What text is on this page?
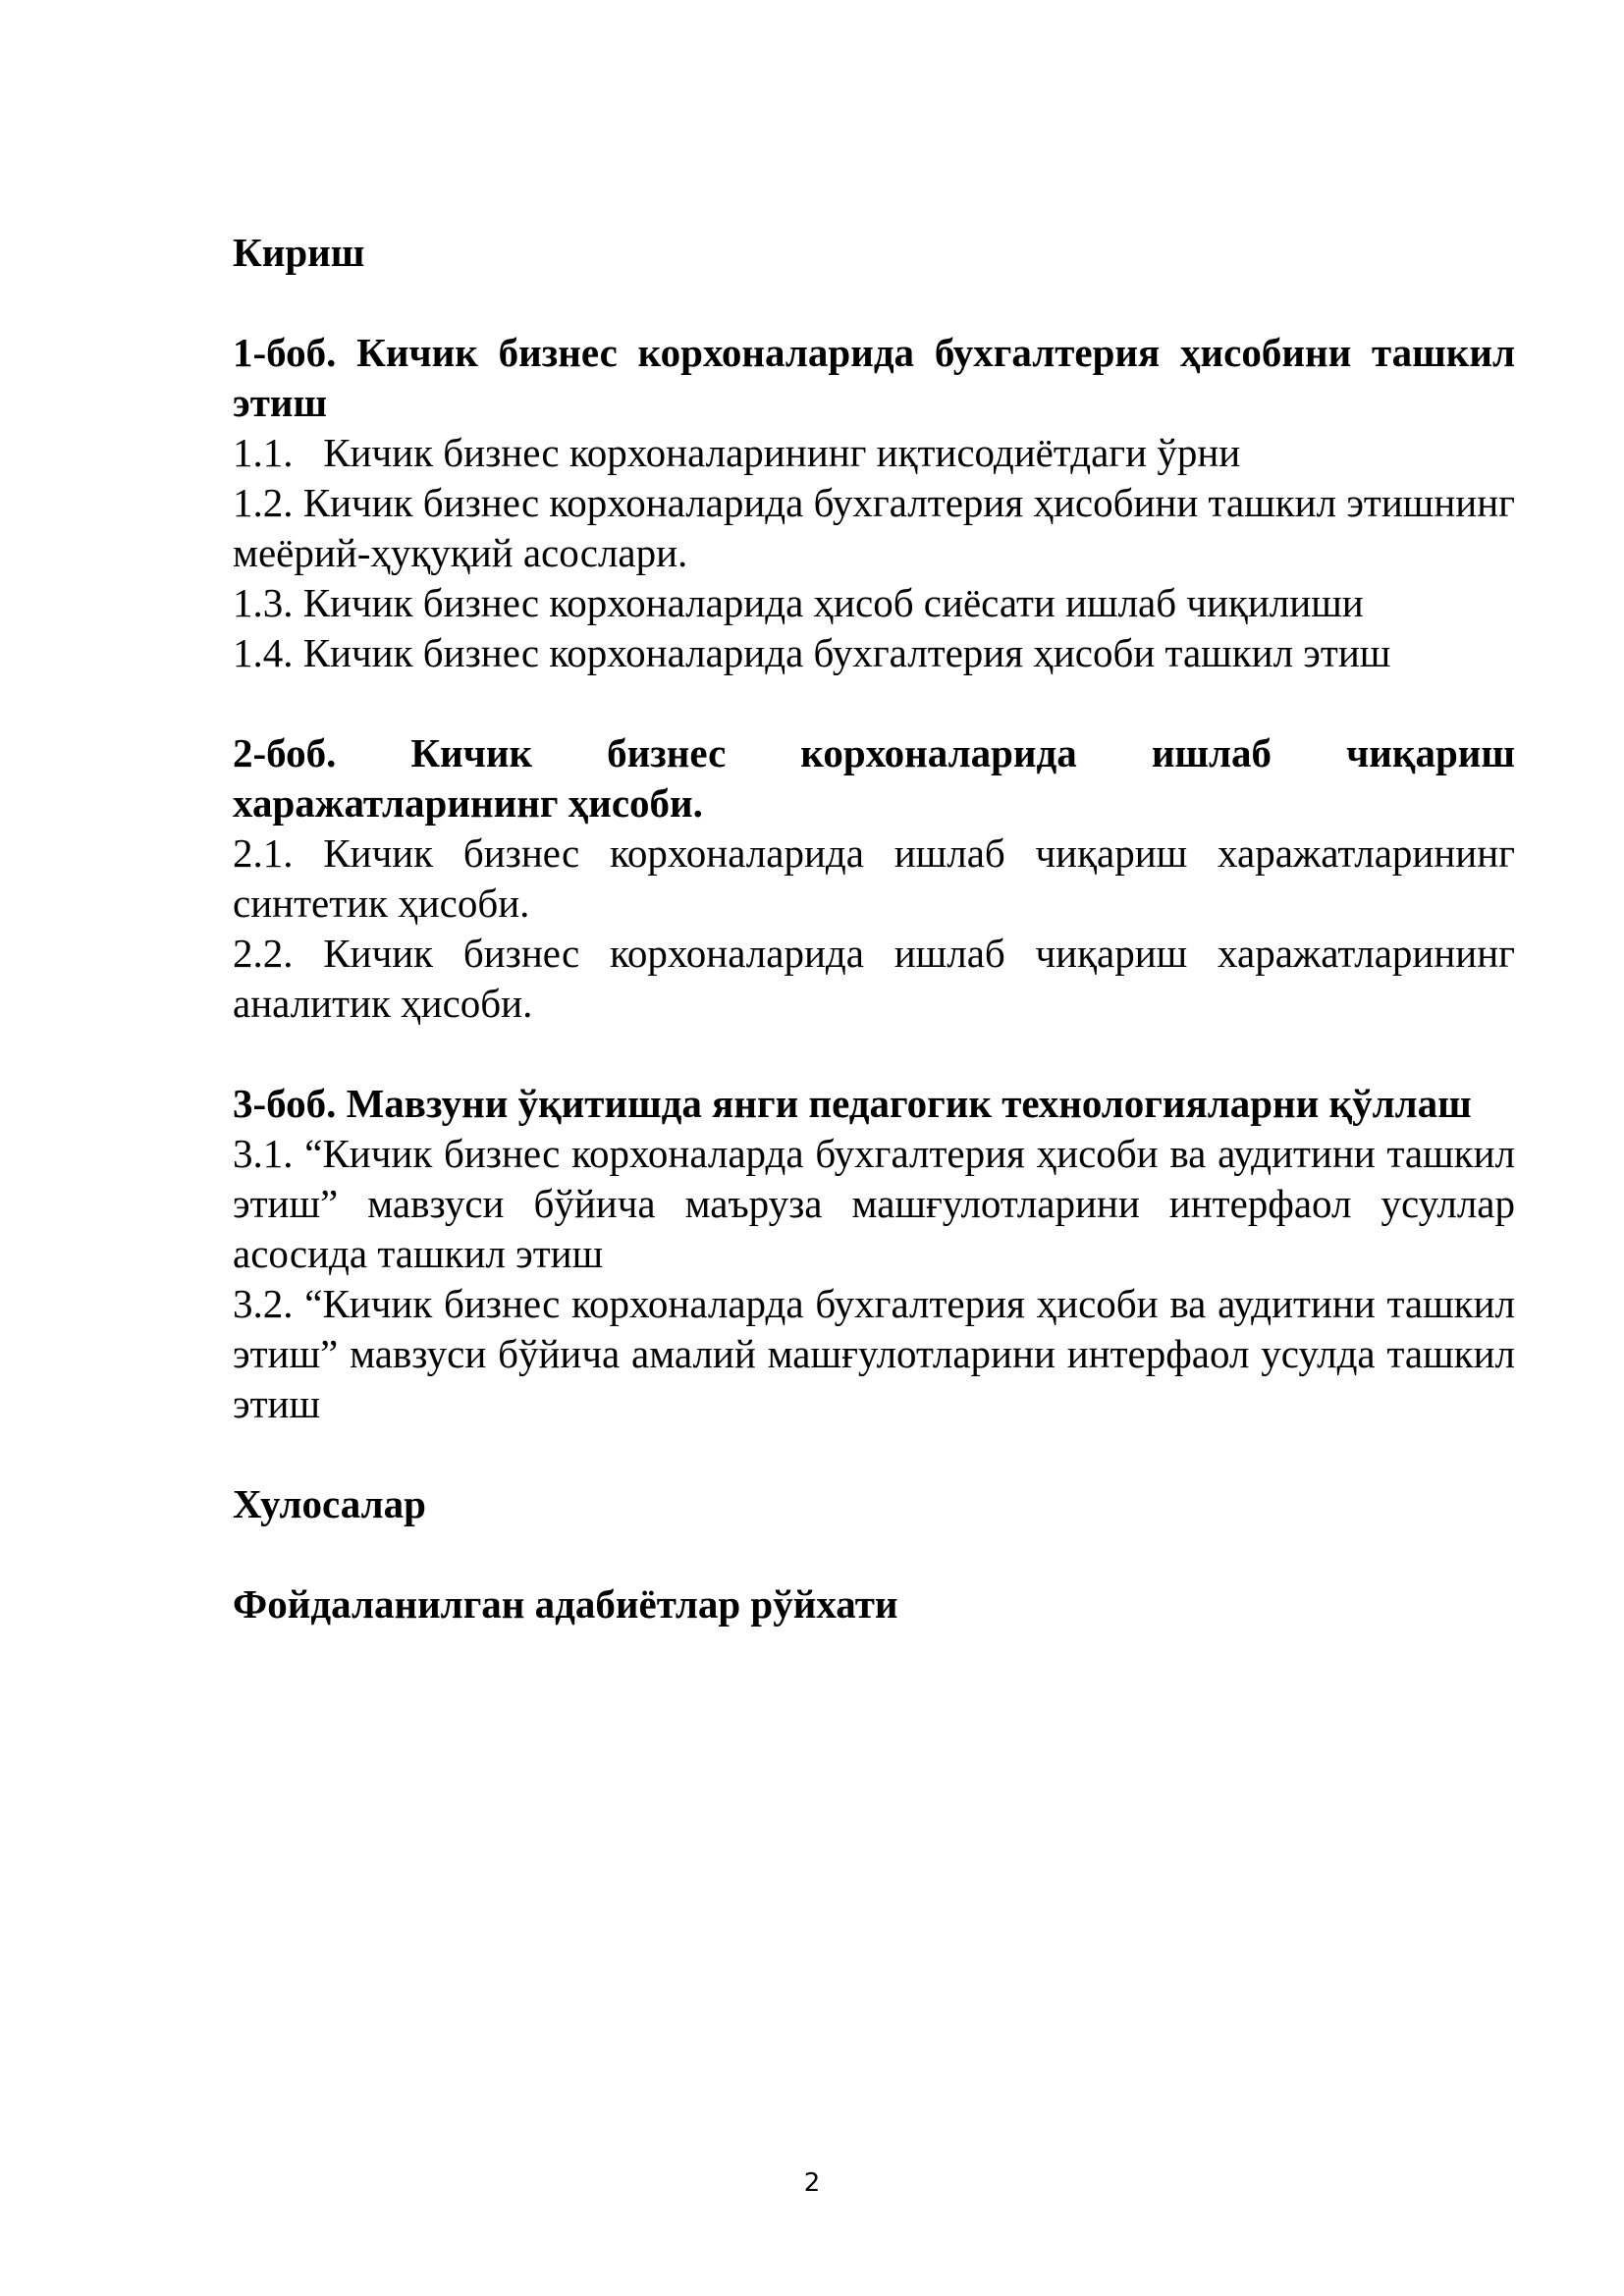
Кириш

1-боб. Кичик бизнес корхоналарида бухгалтерия ҳисобини ташкил этиш

1.1.   Кичик бизнес корхоналарининг иқтисодиётдаги ўрни

1.2. Кичик бизнес корхоналарида бухгалтерия ҳисобини ташкил этишнинг меёрий-ҳуқуқий асослари.

1.3. Кичик бизнес корхоналарида ҳисоб сиёсати ишлаб чиқилиши

1.4. Кичик бизнес корхоналарида бухгалтерия ҳисоби ташкил этиш

2-боб. Кичик бизнес корхоналарида ишлаб чиқариш харажатларининг ҳисоби.

2.1. Кичик бизнес корхоналарида ишлаб чиқариш харажатларининг синтетик ҳисоби.

2.2. Кичик бизнес корхоналарида ишлаб чиқариш харажатларининг аналитик ҳисоби.

3-боб. Мавзуни ўқитишда янги педагогик технологияларни қўллаш

3.1. “Кичик бизнес корхоналарда бухгалтерия ҳисоби ва аудитини ташкил этиш” мавзуси бўйича маъруза машғулотларини интерфаол усуллар асосида ташкил этиш

3.2. “Кичик бизнес корхоналарда бухгалтерия ҳисоби ва аудитини ташкил этиш” мавзуси бўйича амалий машғулотларини интерфаол усулда ташкил этиш

Хулосалар

Фойдаланилган адабиётлар рўйхати

2
